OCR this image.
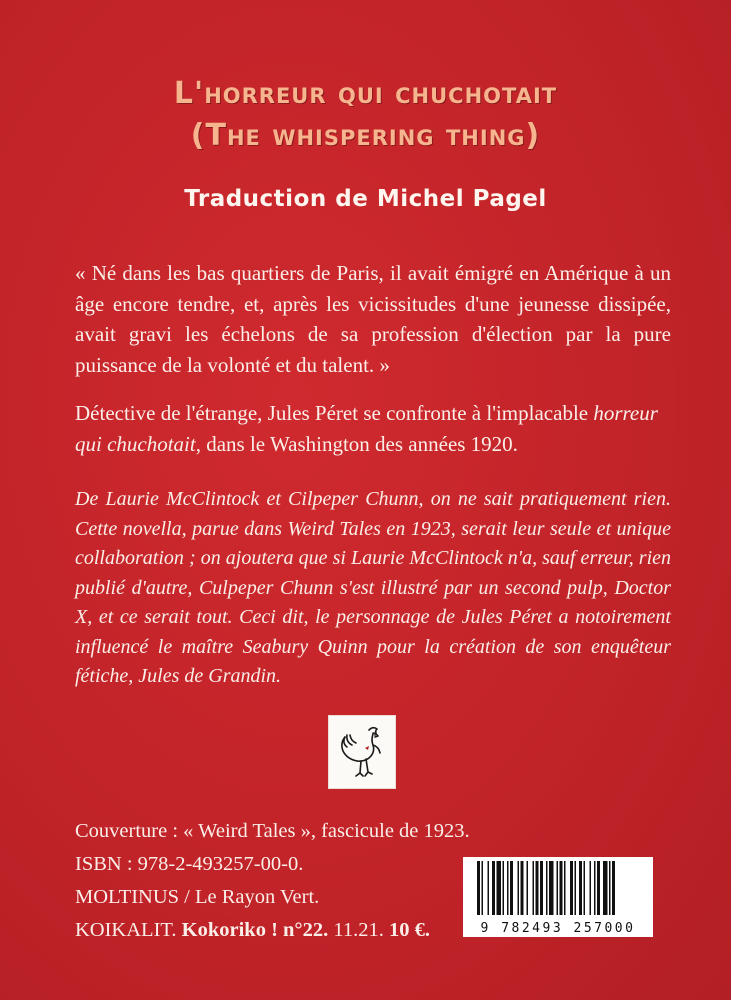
L'horreur qui chuchotait
(The whispering thing)
Traduction de Michel Pagel

« Né dans les bas quartiers de Paris, il avait émigré en Amérique à un âge encore tendre, et, après les vicissitudes d'une jeunesse dissipée, avait gravi les échelons de sa profession d'élection par la pure puissance de la volonté et du talent. »

Détective de l'étrange, Jules Péret se confronte à l'implacable horreur qui chuchotait, dans le Washington des années 1920.
De Laurie McClintock et Cilpeper Chunn, on ne sait pratiquement rien. Cette novella, parue dans Weird Tales en 1923, serait leur seule et unique collaboration ; on ajoutera que si Laurie McClintock n'a, sauf erreur, rien publié d'autre, Culpeper Chunn s'est illustré par un second pulp, Doctor X, et ce serait tout. Ceci dit, le personnage de Jules Péret a notoirement influencé le maître Seabury Quinn pour la création de son enquêteur fétiche, Jules de Grandin.
Couverture : « Weird Tales », fascicule de 1923.
ISBN : 978-2-493257-00-0.
MOLTINUS / Le Rayon Vert.
KOIKALIT. Kokoriko ! n°22. 11.21. 10 €.	9 782493 257000
